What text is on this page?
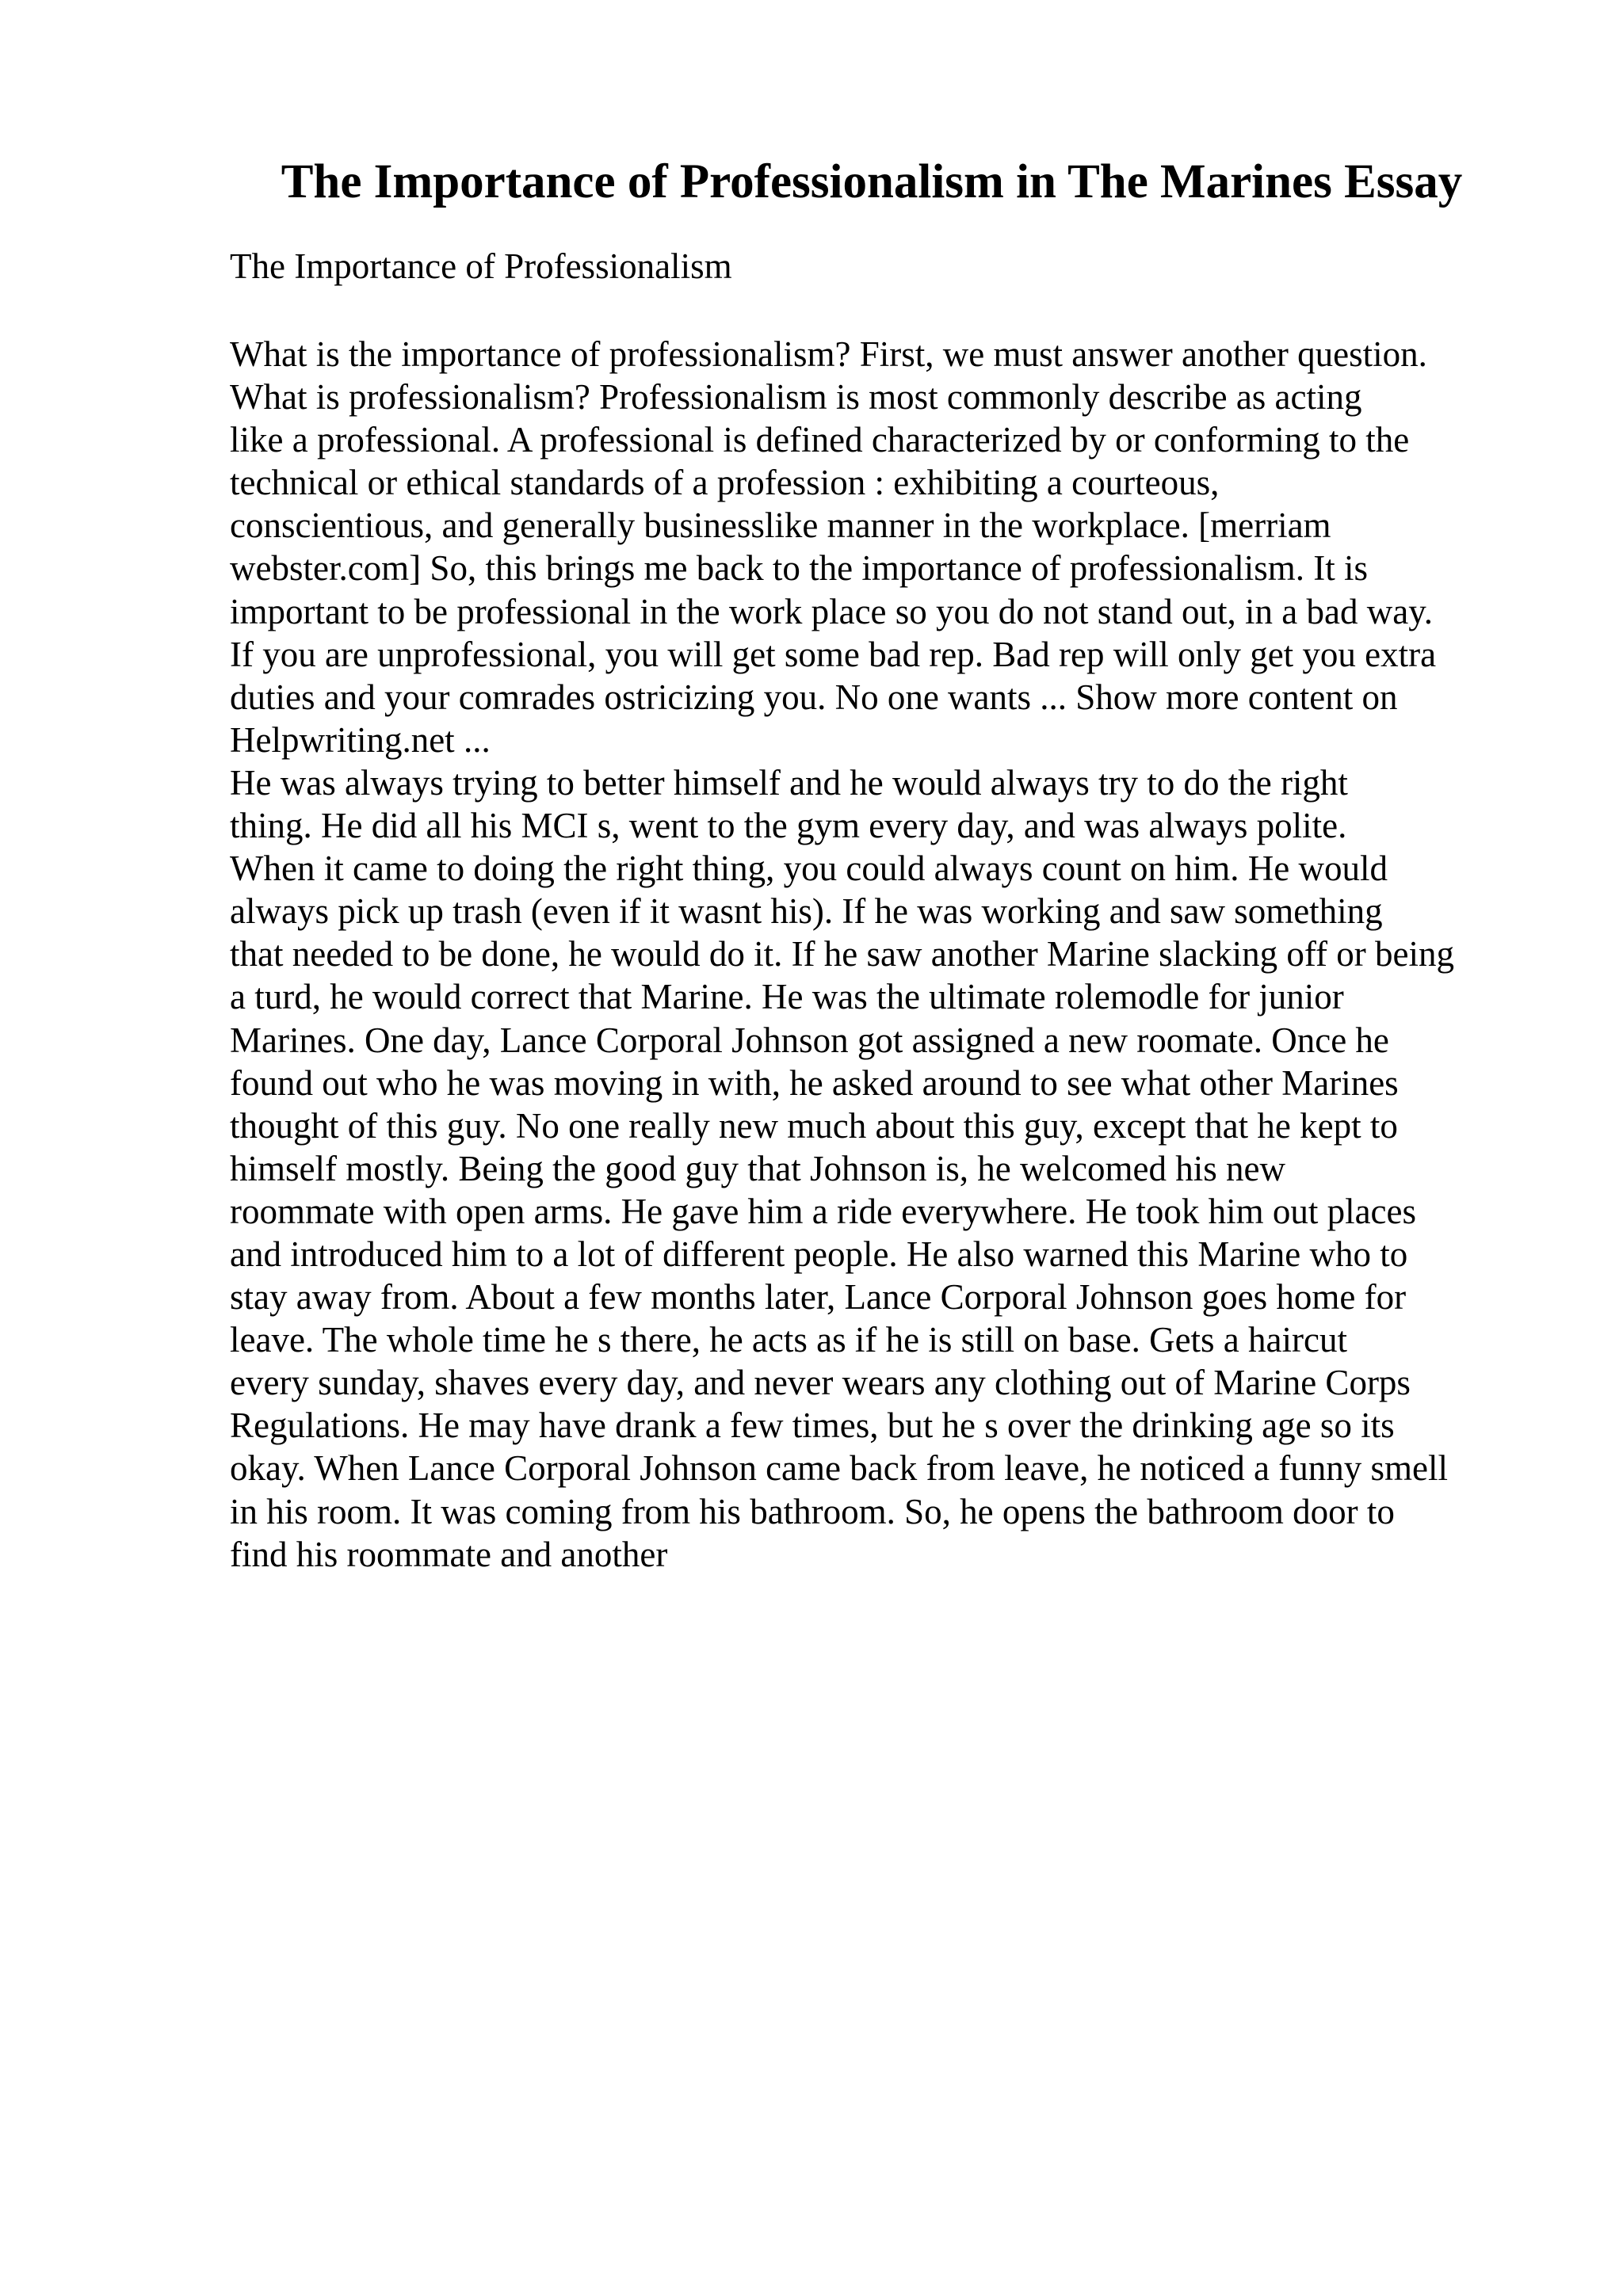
The Importance of Professionalism in The Marines Essay

The Importance of Professionalism

What is the importance of professionalism? First, we must answer another question.
What is professionalism? Professionalism is most commonly describe as acting
like a professional. A professional is defined characterized by or conforming to the
technical or ethical standards of a profession : exhibiting a courteous,
conscientious, and generally businesslike manner in the workplace. [merriam
webster.com] So, this brings me back to the importance of professionalism. It is
important to be professional in the work place so you do not stand out, in a bad way.
If you are unprofessional, you will get some bad rep. Bad rep will only get you extra
duties and your comrades ostricizing you. No one wants ... Show more content on
Helpwriting.net ...
He was always trying to better himself and he would always try to do the right
thing. He did all his MCI s, went to the gym every day, and was always polite.
When it came to doing the right thing, you could always count on him. He would
always pick up trash (even if it wasnt his). If he was working and saw something
that needed to be done, he would do it. If he saw another Marine slacking off or being
a turd, he would correct that Marine. He was the ultimate rolemodle for junior
Marines. One day, Lance Corporal Johnson got assigned a new roomate. Once he
found out who he was moving in with, he asked around to see what other Marines
thought of this guy. No one really new much about this guy, except that he kept to
himself mostly. Being the good guy that Johnson is, he welcomed his new
roommate with open arms. He gave him a ride everywhere. He took him out places
and introduced him to a lot of different people. He also warned this Marine who to
stay away from. About a few months later, Lance Corporal Johnson goes home for
leave. The whole time he s there, he acts as if he is still on base. Gets a haircut
every sunday, shaves every day, and never wears any clothing out of Marine Corps
Regulations. He may have drank a few times, but he s over the drinking age so its
okay. When Lance Corporal Johnson came back from leave, he noticed a funny smell
in his room. It was coming from his bathroom. So, he opens the bathroom door to
find his roommate and another
